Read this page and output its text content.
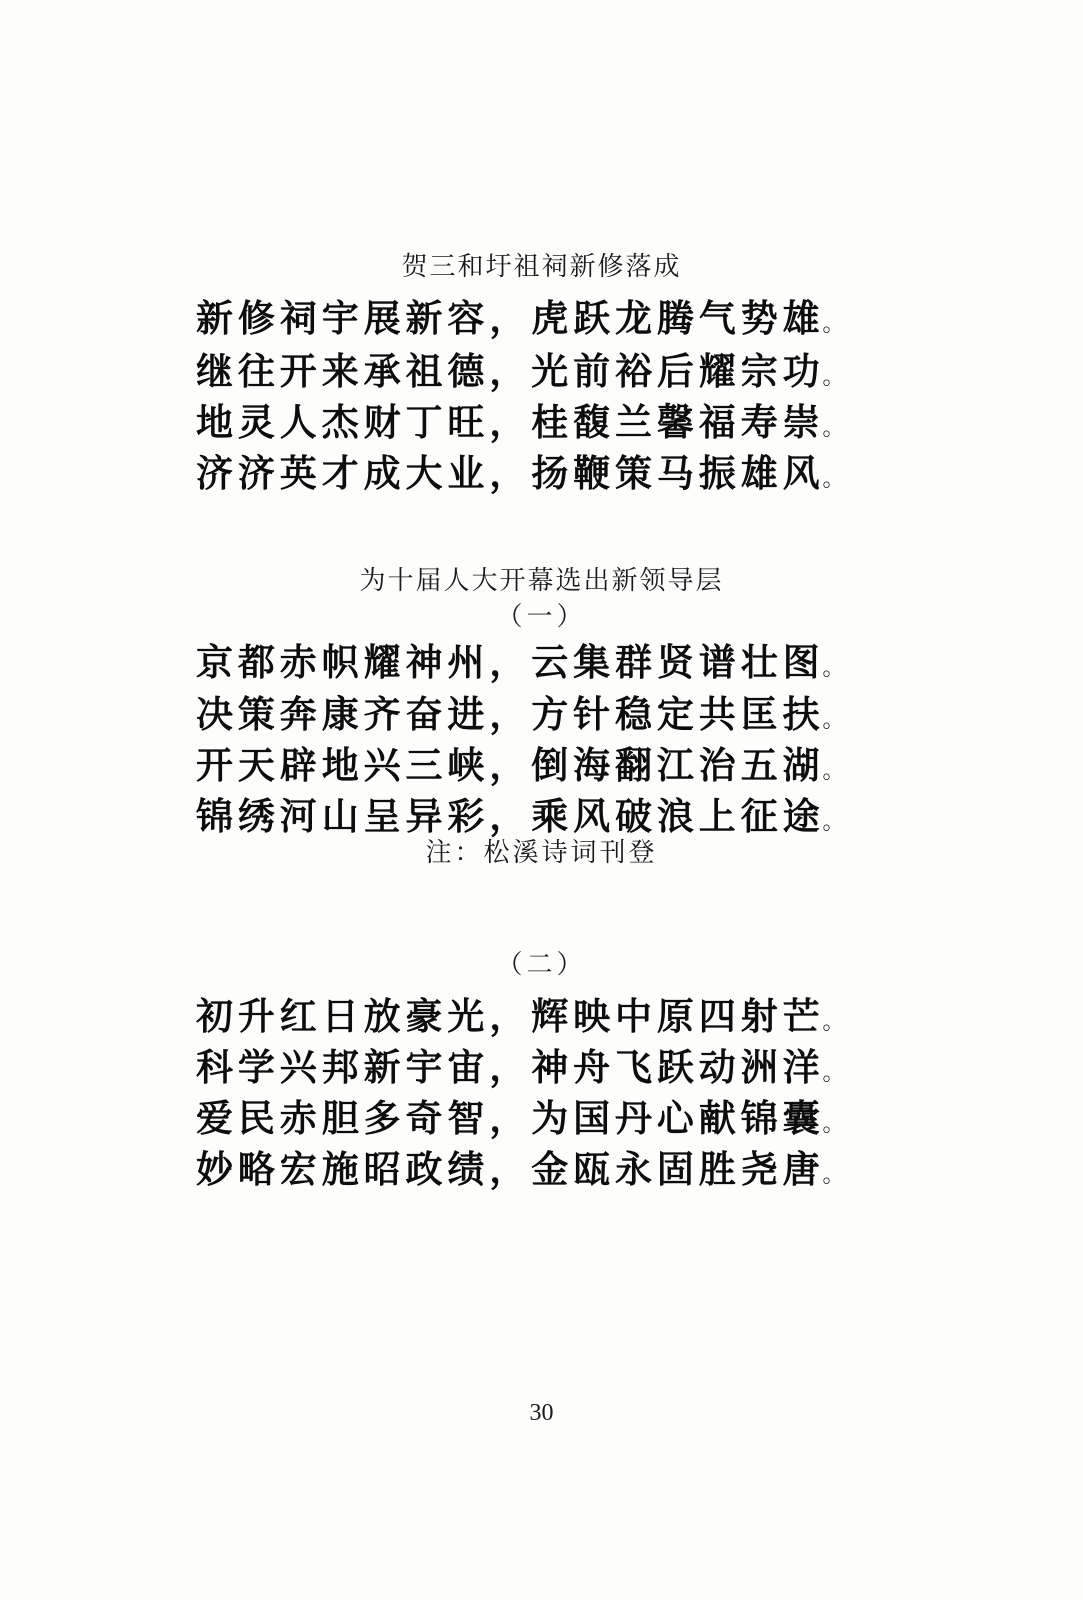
贺三和圩祖祠新修落成
新修祠宇展新容，虎跃龙腾气势雄。
继往开来承祖德，光前裕后耀宗功。
地灵人杰财丁旺，桂馥兰馨福寿崇。
济济英才成大业，扬鞭策马振雄风。
为十届人大开幕选出新领导层
（一）
京都赤帜耀神州，云集群贤谱壮图。
决策奔康齐奋进，方针稳定共匡扶。
开天辟地兴三峡，倒海翻江治五湖。
锦绣河山呈异彩，乘风破浪上征途。
注：松溪诗词刊登
（二）
初升红日放豪光，辉映中原四射芒。
科学兴邦新宇宙，神舟飞跃动洲洋。
爱民赤胆多奇智，为国丹心献锦囊。
妙略宏施昭政绩，金瓯永固胜尧唐。
30
